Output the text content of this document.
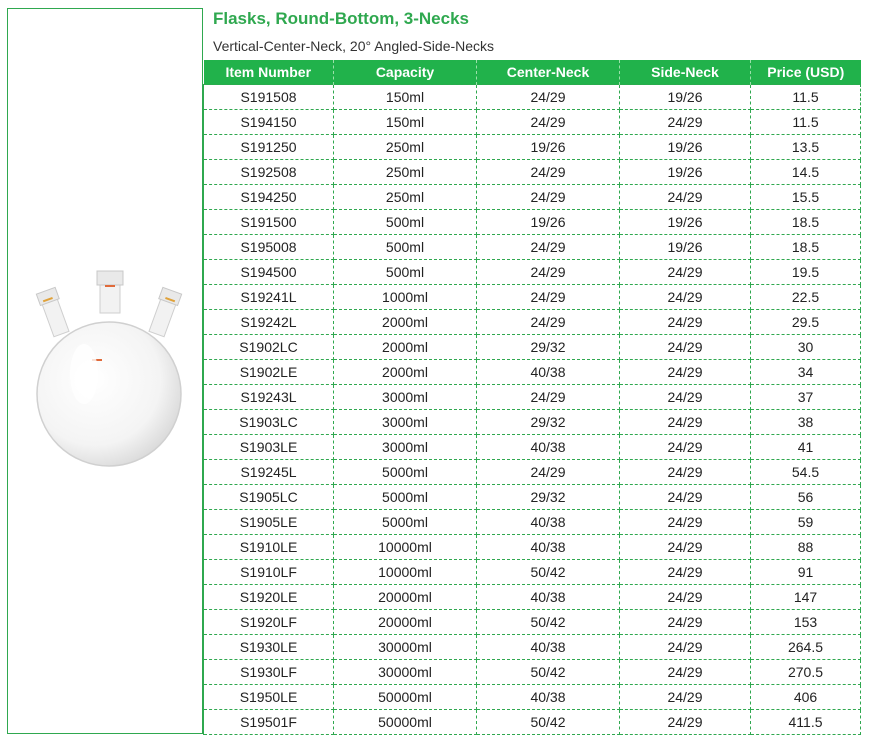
Flasks, Round-Bottom, 3-Necks
Vertical-Center-Neck, 20° Angled-Side-Necks
Item Number	Capacity	Center-Neck	Side-Neck	Price (USD)
S191508	150ml	24/29	19/26	11.5
S194150	150ml	24/29	24/29	11.5
S191250	250ml	19/26	19/26	13.5
S192508	250ml	24/29	19/26	14.5
S194250	250ml	24/29	24/29	15.5
S191500	500ml	19/26	19/26	18.5
S195008	500ml	24/29	19/26	18.5
S194500	500ml	24/29	24/29	19.5
S19241L	1000ml	24/29	24/29	22.5
S19242L	2000ml	24/29	24/29	29.5
S1902LC	2000ml	29/32	24/29	30
S1902LE	2000ml	40/38	24/29	34
S19243L	3000ml	24/29	24/29	37
S1903LC	3000ml	29/32	24/29	38
S1903LE	3000ml	40/38	24/29	41
S19245L	5000ml	24/29	24/29	54.5
S1905LC	5000ml	29/32	24/29	56
S1905LE	5000ml	40/38	24/29	59
S1910LE	10000ml	40/38	24/29	88
S1910LF	10000ml	50/42	24/29	91
S1920LE	20000ml	40/38	24/29	147
S1920LF	20000ml	50/42	24/29	153
S1930LE	30000ml	40/38	24/29	264.5
S1930LF	30000ml	50/42	24/29	270.5
S1950LE	50000ml	40/38	24/29	406
S19501F	50000ml	50/42	24/29	411.5
